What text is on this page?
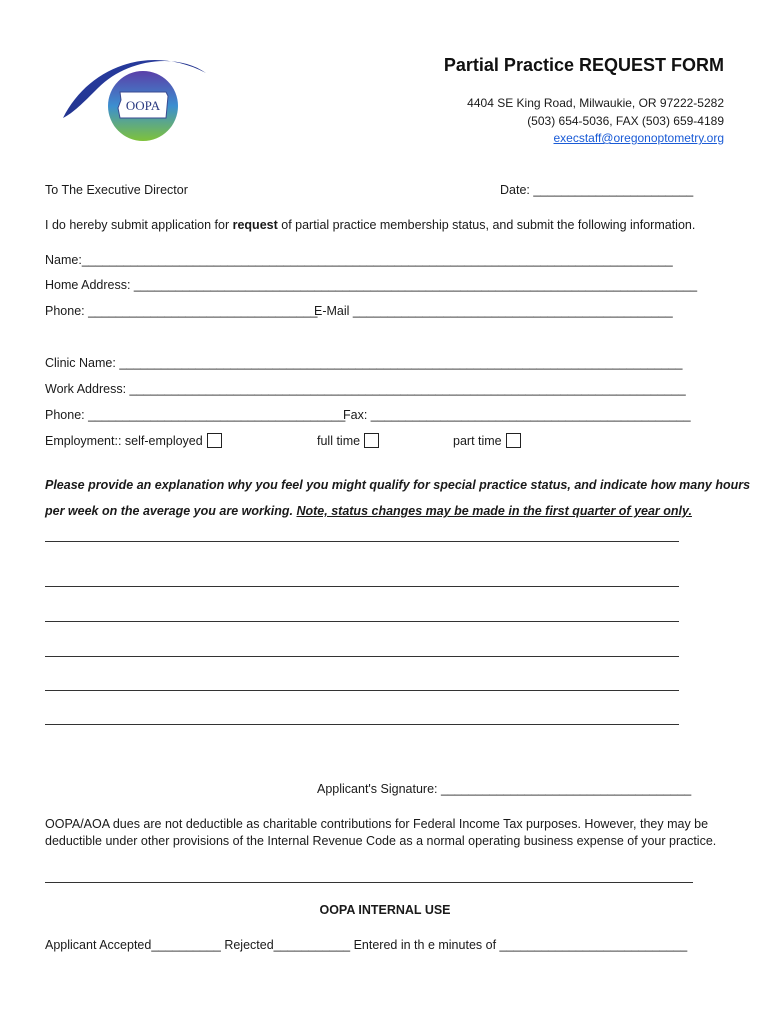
OOPA
Partial Practice REQUEST FORM
4404 SE King Road, Milwaukie, OR 97222-5282
(503) 654-5036, FAX (503) 659-4189
execstaff@oregonoptometry.org
To The Executive Director	Date: _______________________
I do hereby submit application for request of partial practice membership status, and submit the following information.
Name:_____________________________________________________________________________________
Home Address: _________________________________________________________________________________
Phone: _________________________________
E-Mail ______________________________________________
Clinic Name: _________________________________________________________________________________
Work Address: ________________________________________________________________________________
Phone: _____________________________________
Fax: ______________________________________________
Employment:: self-employed	full time	part time
Please provide an explanation why you feel you might qualify for special practice status, and indicate how many hours
per week on the average you are working. Note, status changes may be made in the first quarter of year only.
Applicant's Signature: ____________________________________
OOPA/AOA dues are not deductible as charitable contributions for Federal Income Tax purposes. However, they may be deductible under other provisions of the Internal Revenue Code as a normal operating business expense of your practice.
OOPA INTERNAL USE
Applicant Accepted__________ Rejected___________ Entered in th e minutes of ___________________________
